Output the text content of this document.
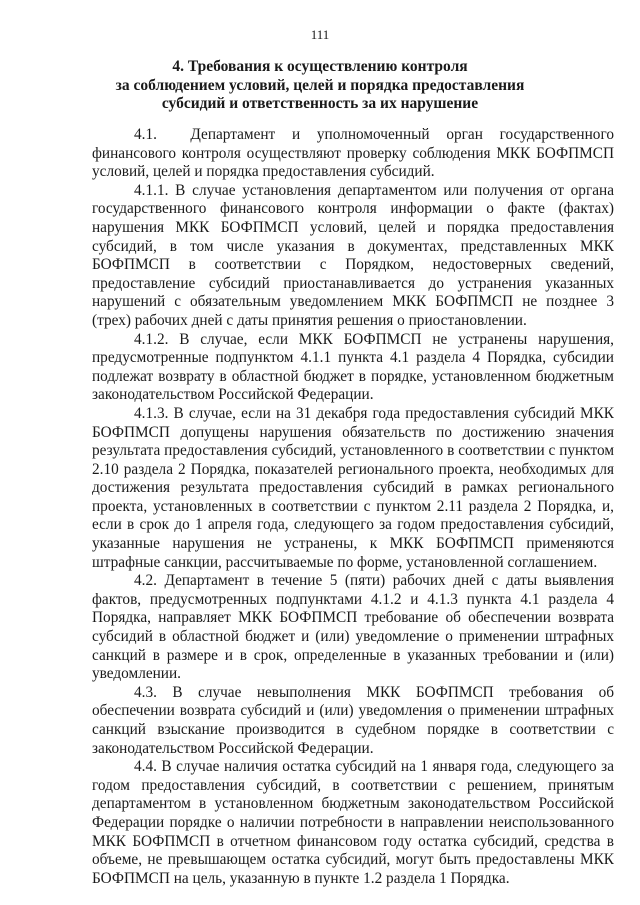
111
4. Требования к осуществлению контроля
за соблюдением условий, целей и порядка предоставления
субсидий и ответственность за их нарушение

4.1.  Департамент и уполномоченный орган государственного финансового контроля осуществляют проверку соблюдения МКК БОФПМСП условий, целей и порядка предоставления субсидий.

4.1.1. В случае установления департаментом или получения от органа государственного финансового контроля информации о факте (фактах) нарушения МКК БОФПМСП условий, целей и порядка предоставления субсидий, в том числе указания в документах, представленных МКК БОФПМСП в соответствии с Порядком, недостоверных сведений, предоставление субсидий приостанавливается до устранения указанных нарушений с обязательным уведомлением МКК БОФПМСП не позднее 3 (трех) рабочих дней с даты принятия решения о приостановлении.

4.1.2. В случае, если МКК БОФПМСП не устранены нарушения, предусмотренные подпунктом 4.1.1 пункта 4.1 раздела 4 Порядка, субсидии подлежат возврату в областной бюджет в порядке, установленном бюджетным законодательством Российской Федерации.

4.1.3. В случае, если на 31 декабря года предоставления субсидий МКК БОФПМСП допущены нарушения обязательств по достижению значения результата предоставления субсидий, установленного в соответствии с пунктом 2.10 раздела 2 Порядка, показателей регионального проекта, необходимых для достижения результата предоставления субсидий в рамках регионального проекта, установленных в соответствии с пунктом 2.11 раздела 2 Порядка, и, если в срок до 1 апреля года, следующего за годом предоставления субсидий, указанные нарушения не устранены, к МКК БОФПМСП применяются штрафные санкции, рассчитываемые по форме, установленной соглашением.

4.2. Департамент в течение 5 (пяти) рабочих дней с даты выявления фактов, предусмотренных подпунктами 4.1.2 и 4.1.3 пункта 4.1 раздела 4 Порядка, направляет МКК БОФПМСП требование об обеспечении возврата субсидий в областной бюджет и (или) уведомление о применении штрафных санкций в размере и в срок, определенные в указанных требовании и (или) уведомлении.

4.3. В случае невыполнения МКК БОФПМСП требования об обеспечении возврата субсидий и (или) уведомления о применении штрафных санкций взыскание производится в судебном порядке в соответствии с законодательством Российской Федерации.

4.4. В случае наличия остатка субсидий на 1 января года, следующего за годом предоставления субсидий, в соответствии с решением, принятым департаментом в установленном бюджетным законодательством Российской Федерации порядке о наличии потребности в направлении неиспользованного МКК БОФПМСП в отчетном финансовом году остатка субсидий, средства в объеме, не превышающем остатка субсидий, могут быть предоставлены МКК БОФПМСП на цель, указанную в пункте 1.2 раздела 1 Порядка.
